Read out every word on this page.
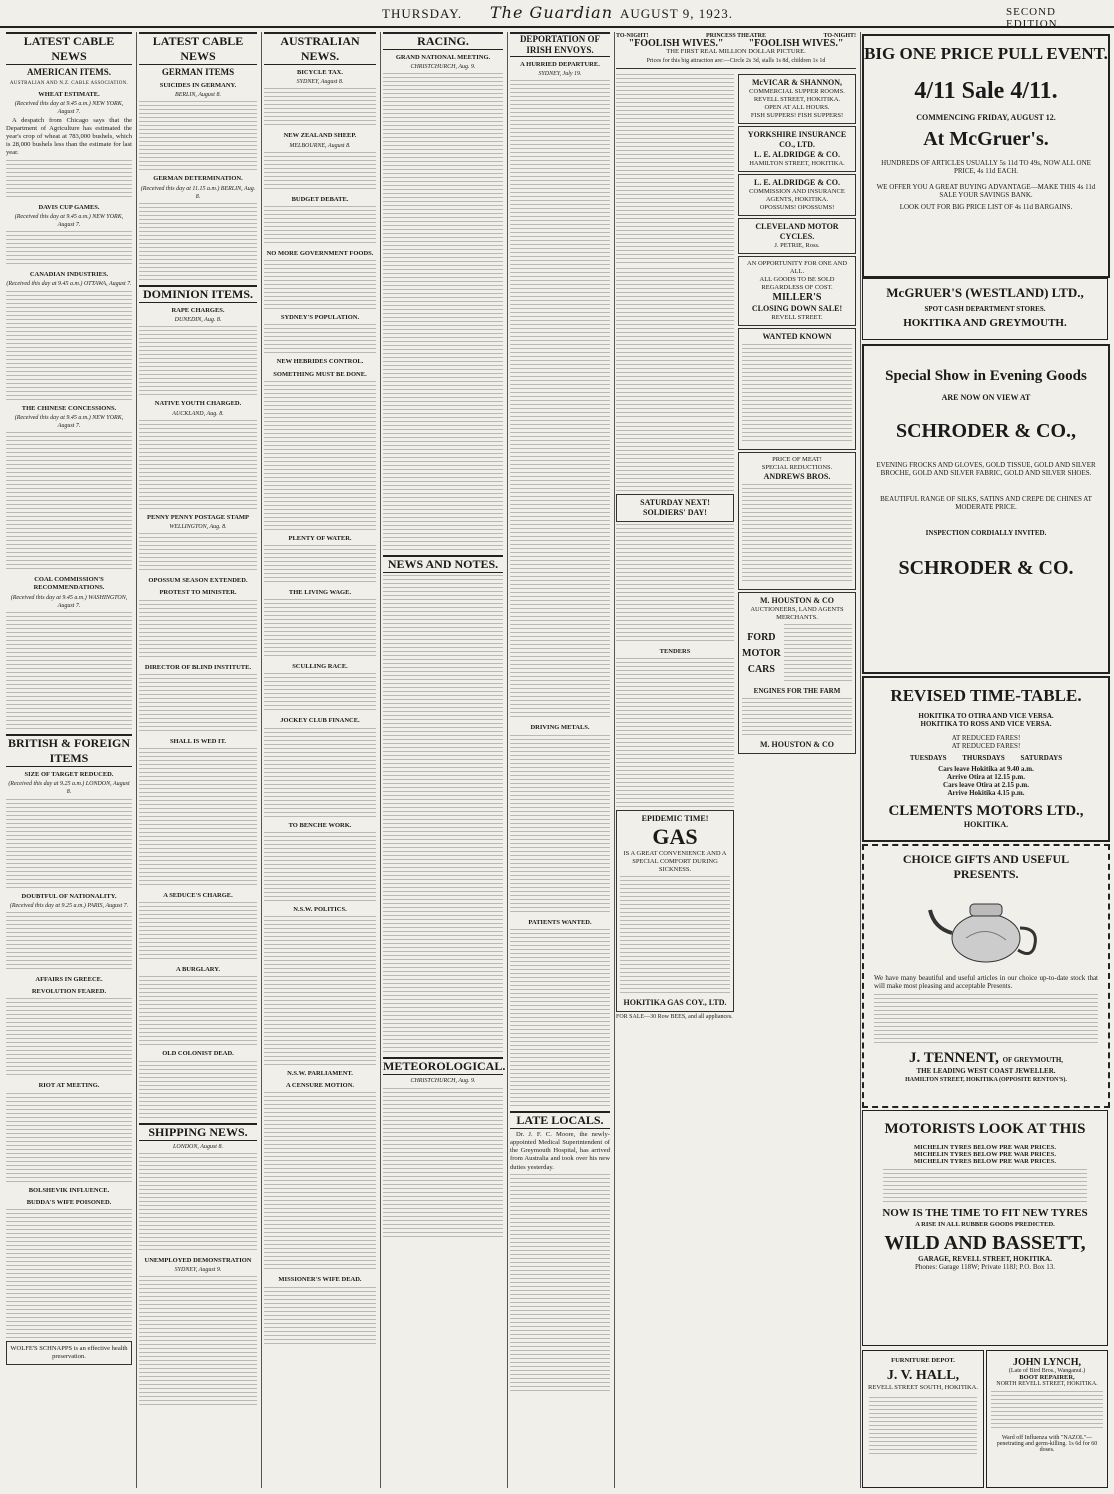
THURSDAY. The Guardian AUGUST 9, 1923.	SECOND EDITION.
LATEST CABLE NEWS
AMERICAN ITEMS.
AUSTRALIAN AND N.Z. CABLE ASSOCIATION.
WHEAT ESTIMATE.
(Received this day at 9.45 a.m.) NEW YORK, August 7.

A despatch from Chicago says that the Department of Agriculture has estimated the year's crop of wheat at 783,000 bushels, which is 28,000 bushels less than the estimate for last year.

DAVIS CUP GAMES.
(Received this day at 9.45 a.m.) NEW YORK, August 7.
CANADIAN INDUSTRIES.
(Received this day at 9.45 a.m.) OTTAWA, August 7.
THE CHINESE CONCESSIONS.
(Received this day at 9.45 a.m.) NEW YORK, August 7.
COAL COMMISSION'S RECOMMENDATIONS.
(Received this day at 9.45 a.m.) WASHINGTON, August 7.
BRITISH & FOREIGN ITEMS
SIZE OF TARGET REDUCED.
(Received this day at 9.25 a.m.) LONDON, August 8.
DOUBTFUL OF NATIONALITY.
(Received this day at 9.25 a.m.) PARIS, August 7.
AFFAIRS IN GREECE.
REVOLUTION FEARED.
RIOT AT MEETING.
BOLSHEVIK INFLUENCE.
BUDDA'S WIFE POISONED.
WOLFE'S SCHNAPPS is an effective health preservation.
LATEST CABLE NEWS
GERMAN ITEMS
SUICIDES IN GERMANY.
BERLIN, August 8.
GERMAN DETERMINATION.
(Received this day at 11.15 a.m.) BERLIN, Aug. 8.
DOMINION ITEMS.
RAPE CHARGES.
DUNEDIN, Aug. 8.
NATIVE YOUTH CHARGED.
AUCKLAND, Aug. 8.
PENNY PENNY POSTAGE STAMP
WELLINGTON, Aug. 8.
OPOSSUM SEASON EXTENDED.
PROTEST TO MINISTER.
DIRECTOR OF BLIND INSTITUTE.
SHALL IS WED IT.
A SEDUCE'S CHARGE.
A BURGLARY.
OLD COLONIST DEAD.
SHIPPING NEWS.
LONDON, August 8.
UNEMPLOYED DEMONSTRATION
SYDNEY, August 9.
AUSTRALIAN NEWS.
BICYCLE TAX.
SYDNEY, August 8.
NEW ZEALAND SHEEP.
MELBOURNE, August 8.
BUDGET DEBATE.
NO MORE GOVERNMENT FOODS.
SYDNEY'S POPULATION.
NEW HEBRIDES CONTROL.
SOMETHING MUST BE DONE.
PLENTY OF WATER.
THE LIVING WAGE.
SCULLING RACE.
JOCKEY CLUB FINANCE.
TO BENCHE WORK.
N.S.W. POLITICS.
N.S.W. PARLIAMENT.
A CENSURE MOTION.
MISSIONER'S WIFE DEAD.
RACING.
GRAND NATIONAL MEETING.
CHRISTCHURCH, Aug. 9.
NEWS AND NOTES.
METEOROLOGICAL.
CHRISTCHURCH, Aug. 9.
DEPORTATION OF IRISH ENVOYS.
A HURRIED DEPARTURE.
SYDNEY, July 19.
DRIVING METALS.
PATIENTS WANTED.
LATE LOCALS.

Dr. J. F. C. Moore, the newly-appointed Medical Superintendent of the Greymouth Hospital, has arrived from Australia and took over his new duties yesterday.

TO-NIGHT!	PRINCESS THEATRE	TO-NIGHT!
"FOOLISH WIVES."	"FOOLISH WIVES."
THE FIRST REAL MILLION DOLLAR PICTURE.
Prices for this big attraction are:—Circle 2s 3d, stalls 1s 8d, children 1s 1d
SATURDAY NEXT!
SOLDIERS' DAY!
TENDERS
EPIDEMIC TIME!
GAS
IS A GREAT CONVENIENCE AND A SPECIAL COMFORT DURING SICKNESS.
HOKITIKA GAS COY., LTD.
FOR SALE—30 Row BEES, and all appliances.
McVICAR & SHANNON,
COMMERCIAL SUPPER ROOMS.
REVELL STREET, HOKITIKA.
OPEN AT ALL HOURS.
FISH SUPPERS! FISH SUPPERS!
YORKSHIRE INSURANCE CO., LTD.
L. E. ALDRIDGE & CO.
HAMILTON STREET, HOKITIKA.
L. E. ALDRIDGE & CO.
COMMISSION AND INSURANCE AGENTS, HOKITIKA.
OPOSSUMS! OPOSSUMS!
CLEVELAND MOTOR CYCLES.
J. PETRIE, Ross.
AN OPPORTUNITY FOR ONE AND ALL.
ALL GOODS TO BE SOLD REGARDLESS OF COST.
MILLER'S
CLOSING DOWN SALE!
REVELL STREET.
WANTED KNOWN
PRICE OF MEAT!
SPECIAL REDUCTIONS.
ANDREWS BROS.
M. HOUSTON & CO
AUCTIONEERS, LAND AGENTS MERCHANTS.
FORD
MOTOR
CARS
ENGINES FOR THE FARM
M. HOUSTON & CO
BIG ONE PRICE PULL EVENT.
4/11 Sale 4/11.
COMMENCING FRIDAY, AUGUST 12.
At McGruer's.
HUNDREDS OF ARTICLES USUALLY 5s 11d TO 49s, NOW ALL ONE PRICE, 4s 11d EACH.
WE OFFER YOU A GREAT BUYING ADVANTAGE—MAKE THIS 4s 11d SALE YOUR SAVINGS BANK.
LOOK OUT FOR BIG PRICE LIST OF 4s 11d BARGAINS.
McGRUER'S (WESTLAND) LTD.,
SPOT CASH DEPARTMENT STORES.
HOKITIKA AND GREYMOUTH.
Special Show in Evening Goods
ARE NOW ON VIEW AT
SCHRODER & CO.,
EVENING FROCKS AND GLOVES, GOLD TISSUE, GOLD AND SILVER BROCHE, GOLD AND SILVER FABRIC, GOLD AND SILVER SHOES.
BEAUTIFUL RANGE OF SILKS, SATINS AND CREPE DE CHINES AT MODERATE PRICE.
INSPECTION CORDIALLY INVITED.
SCHRODER & CO.
REVISED TIME-TABLE.
HOKITIKA TO OTIRA AND VICE VERSA.
HOKITIKA TO ROSS AND VICE VERSA.
AT REDUCED FARES!
AT REDUCED FARES!
TUESDAYS THURSDAYS SATURDAYS
Cars leave Hokitika at 9.40 a.m.
Arrive Otira at 12.15 p.m.
Cars leave Otira at 2.15 p.m.
Arrive Hokitika 4.15 p.m.
CLEMENTS MOTORS LTD.,
HOKITIKA.
CHOICE GIFTS AND USEFUL PRESENTS.
We have many beautiful and useful articles in our choice up-to-date stock that will make most pleasing and acceptable Presents.
J. TENNENT, OF GREYMOUTH,
THE LEADING WEST COAST JEWELLER.
HAMILTON STREET, HOKITIKA (OPPOSITE RENTON'S).
MOTORISTS LOOK AT THIS
MICHELIN TYRES BELOW PRE WAR PRICES.
MICHELIN TYRES BELOW PRE WAR PRICES.
MICHELIN TYRES BELOW PRE WAR PRICES.
NOW IS THE TIME TO FIT NEW TYRES
A RISE IN ALL RUBBER GOODS PREDICTED.
WILD AND BASSETT,
GARAGE, REVELL STREET, HOKITIKA.
Phones: Garage 118W; Private 118J; P.O. Box 13.
FURNITURE DEPOT.
J. V. HALL,
REVELL STREET SOUTH, HOKITIKA.
JOHN LYNCH,
(Late of Bird Bros., Wanganui.)
BOOT REPAIRER,
NORTH REVELL STREET, HOKITIKA.
Ward off Influenza with "NAZOL"—penetrating and germ-killing. 1s 6d for 60 doses.
